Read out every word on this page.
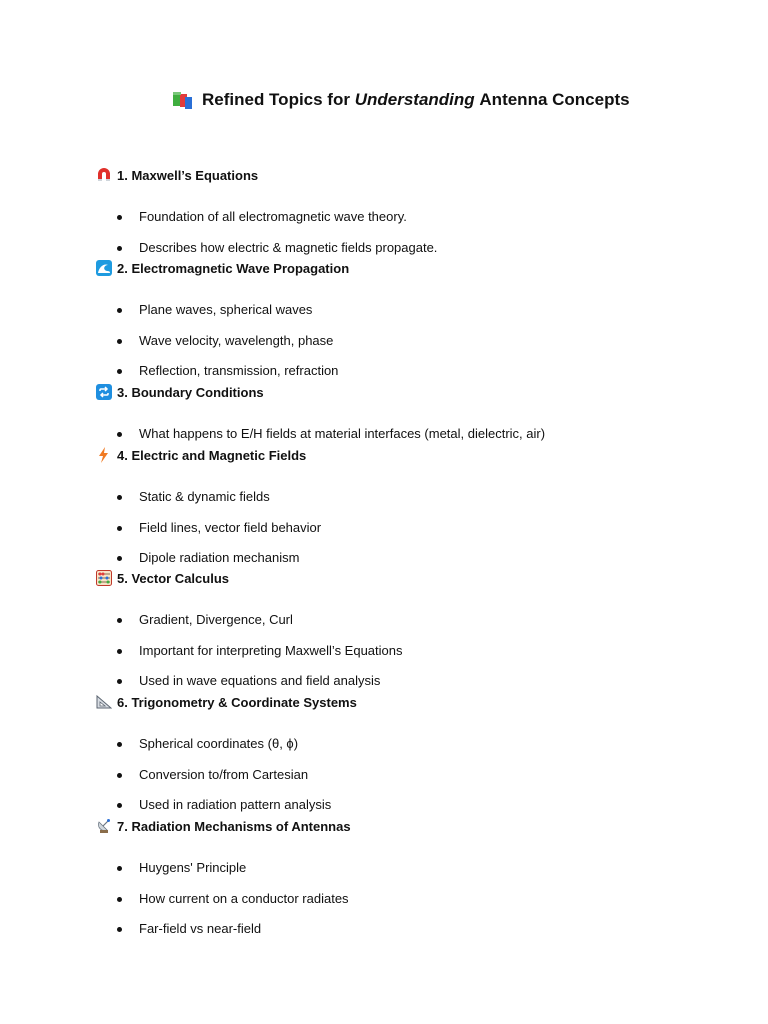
Refined Topics for
Understanding
Antenna Concepts
1. Maxwell’s Equations
Foundation of all electromagnetic wave theory.
Describes how electric & magnetic fields propagate.
2. Electromagnetic Wave Propagation
Plane waves, spherical waves
Wave velocity, wavelength, phase
Reflection, transmission, refraction
3. Boundary Conditions
What happens to E/H fields at material interfaces (metal, dielectric, air)
4. Electric and Magnetic Fields
Static & dynamic fields
Field lines, vector field behavior
Dipole radiation mechanism
5. Vector Calculus
Gradient, Divergence, Curl
Important for interpreting Maxwell’s Equations
Used in wave equations and field analysis
6. Trigonometry & Coordinate Systems
Spherical coordinates (θ, ϕ)
Conversion to/from Cartesian
Used in radiation pattern analysis
7. Radiation Mechanisms of Antennas
Huygens' Principle
How current on a conductor radiates
Far-field vs near-field
